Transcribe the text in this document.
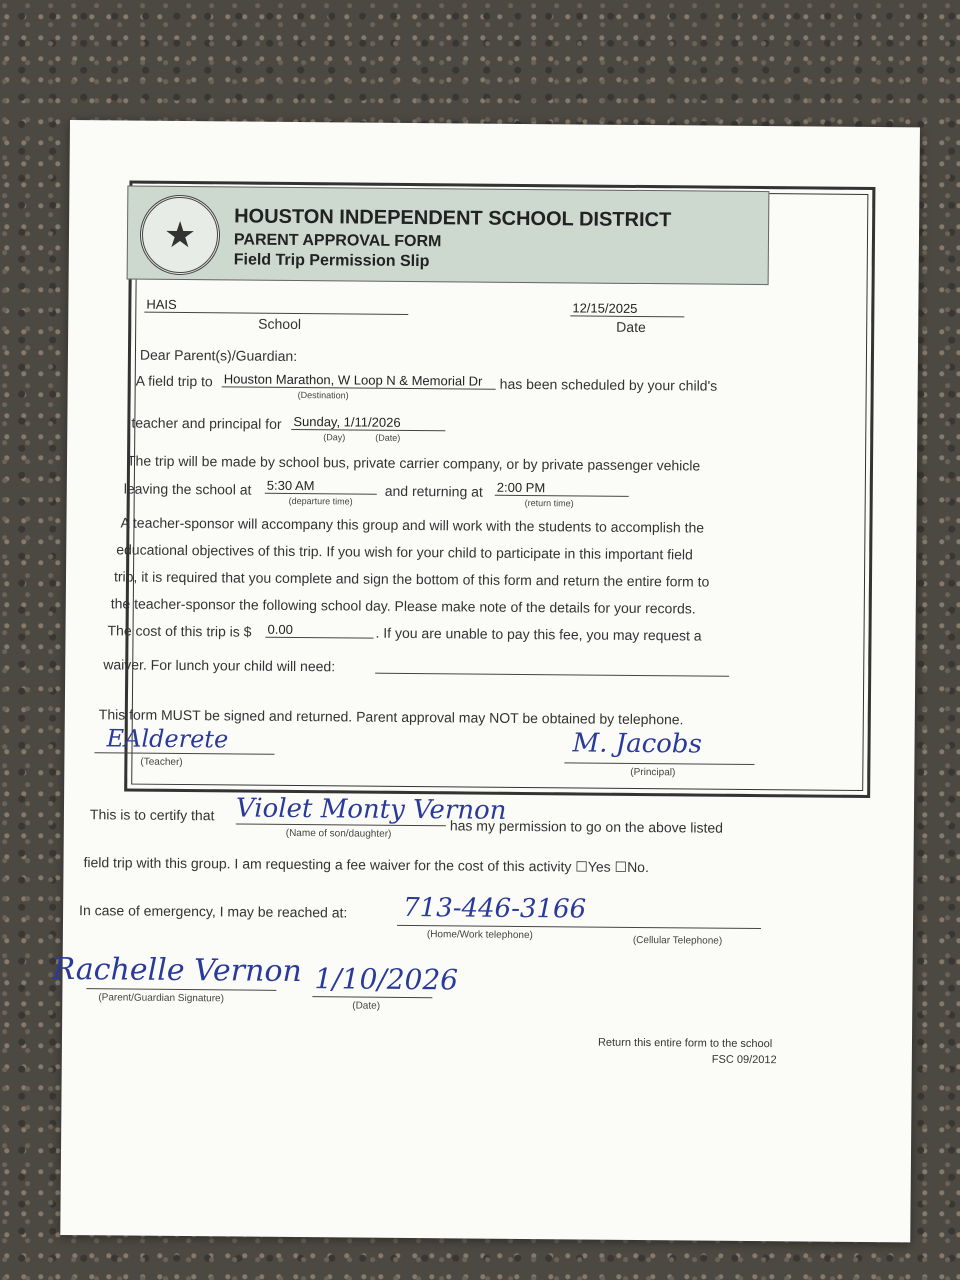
★	HOUSTON INDEPENDENT SCHOOL DISTRICT
PARENT APPROVAL FORM
Field Trip Permission Slip
HAIS
School
12/15/2025
Date
Dear Parent(s)/Guardian:
A field trip to Houston Marathon, W Loop N & Memorial Dr
(Destination)
has been scheduled by your child's
teacher and principal for Sunday, 1/11/2026
(Day)	(Date)
The trip will be made by school bus, private carrier company, or by private passenger vehicle
leaving the school at 5:30 AM
(departure time)
and returning at 2:00 PM
(return time)
A teacher-sponsor will accompany this group and will work with the students to accomplish the
educational objectives of this trip. If you wish for your child to participate in this important field
trip, it is required that you complete and sign the bottom of this form and return the entire form to
the teacher-sponsor the following school day. Please make note of the details for your records.
The cost of this trip is $ 0.00	. If you are unable to pay this fee, you may request a
waiver. For lunch your child will need:
This form MUST be signed and returned. Parent approval may NOT be obtained by telephone.
EAlderete
(Teacher)
M. Jacobs
(Principal)
This is to certify that Violet Monty Vernon
(Name of son/daughter)	has my permission to go on the above listed
field trip with this group. I am requesting a fee waiver for the cost of this activity ☐Yes ☐No.
In case of emergency, I may be reached at: 713-446-3166
(Home/Work telephone)	(Cellular Telephone)
Rachelle Vernon
(Parent/Guardian Signature)
1/10/2026
(Date)
Return this entire form to the school
FSC 09/2012
